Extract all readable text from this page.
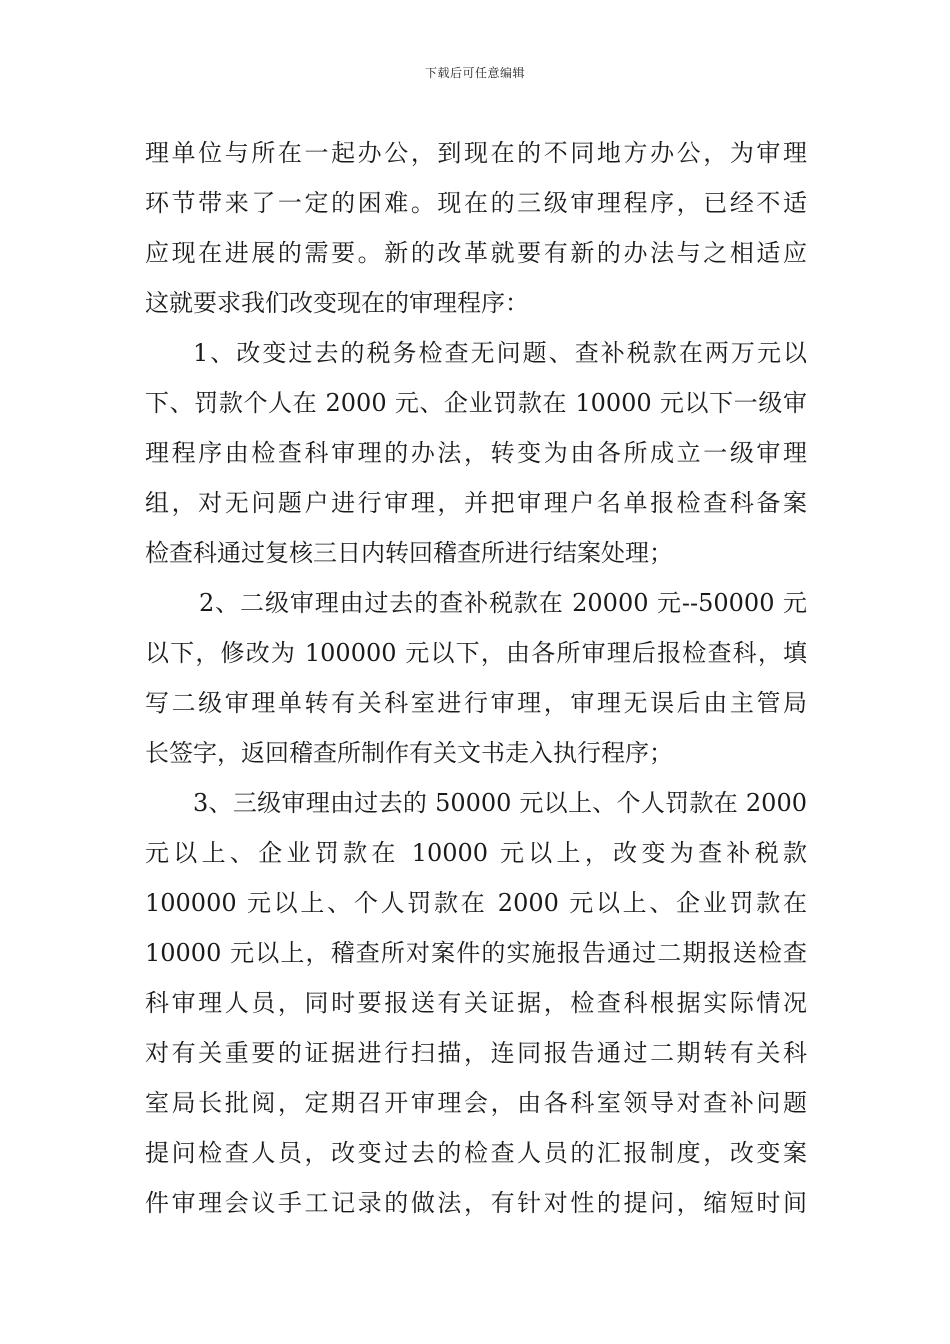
下载后可任意编辑
理单位与所在一起办公，到现在的不同地方办公，为审理
环节带来了一定的困难。现在的三级审理程序，已经不适
应现在进展的需要。新的改革就要有新的办法与之相适应
这就要求我们改变现在的审理程序：
1、改变过去的税务检查无问题、查补税款在两万元以
下、罚款个人在 2000 元、企业罚款在 10000 元以下一级审
理程序由检查科审理的办法，转变为由各所成立一级审理
组，对无问题户进行审理，并把审理户名单报检查科备案
检查科通过复核三日内转回稽查所进行结案处理；
2、二级审理由过去的查补税款在 20000 元--50000 元
以下，修改为 100000 元以下，由各所审理后报检查科，填
写二级审理单转有关科室进行审理，审理无误后由主管局
长签字，返回稽查所制作有关文书走入执行程序；
3、三级审理由过去的 50000 元以上、个人罚款在 2000
元以上、企业罚款在 10000 元以上，改变为查补税款
100000 元以上、个人罚款在 2000 元以上、企业罚款在
10000 元以上，稽查所对案件的实施报告通过二期报送检查
科审理人员，同时要报送有关证据，检查科根据实际情况
对有关重要的证据进行扫描，连同报告通过二期转有关科
室局长批阅，定期召开审理会，由各科室领导对查补问题
提问检查人员，改变过去的检查人员的汇报制度，改变案
件审理会议手工记录的做法，有针对性的提问，缩短时间
